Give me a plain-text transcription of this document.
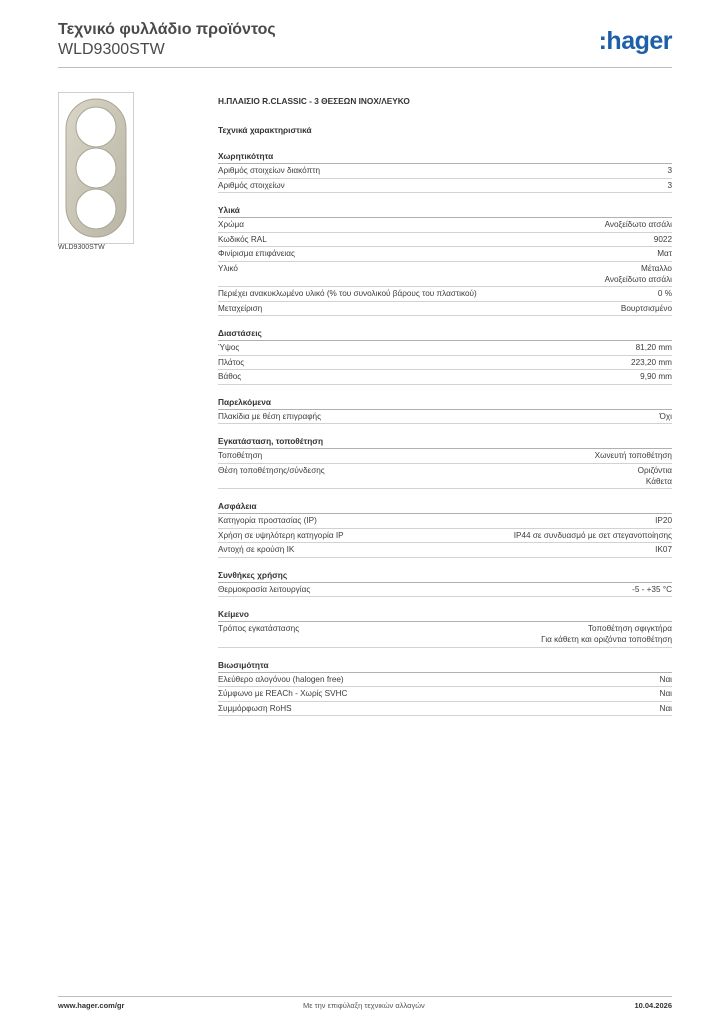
Τεχνικό φυλλάδιο προϊόντος
WLD9300STW	:hager
WLD9300STW
Η.ΠΛΑΙΣΙΟ R.CLASSIC - 3 ΘΕΣΕΩΝ ΙΝΟΧ/ΛΕΥΚΟ
Τεχνικά χαρακτηριστικά
Χωρητικότητα
Αριθμός στοιχείων διακόπτη	3
Αριθμός στοιχείων	3
Υλικά
Χρώμα	Ανοξείδωτο ατσάλι
Κωδικός RAL	9022
Φινίρισμα επιφάνειας	Ματ
Υλικό	Μέταλλο
Ανοξείδωτο ατσάλι
Περιέχει ανακυκλωμένο υλικό (% του συνολικού βάρους του πλαστικού)	0 %
Μεταχείριση	Βουρτσισμένο
Διαστάσεις
Ύψος	81,20 mm
Πλάτος	223,20 mm
Βάθος	9,90 mm
Παρελκόμενα
Πλακίδια με θέση επιγραφής	Όχι
Εγκατάσταση, τοποθέτηση
Τοποθέτηση	Χωνευτή τοποθέτηση
Θέση τοποθέτησης/σύνδεσης	Οριζόντια
Κάθετα
Ασφάλεια
Κατηγορία προστασίας (IP)	IP20
Χρήση σε υψηλότερη κατηγορία IP	IP44 σε συνδυασμό με σετ στεγανοποίησης
Αντοχή σε κρούση IK	IK07
Συνθήκες χρήσης
Θερμοκρασία λειτουργίας	-5 - +35 °C
Κείμενο
Τρόπος εγκατάστασης	Τοποθέτηση σφιγκτήρα
Για κάθετη και οριζόντια τοποθέτηση
Βιωσιμότητα
Ελεύθερο αλογόνου (halogen free)	Ναι
Σύμφωνο με REACh - Χωρίς SVHC	Ναι
Συμμόρφωση RoHS	Ναι
www.hager.com/gr	Με την επιφύλαξη τεχνικών αλλαγών	10.04.2026
